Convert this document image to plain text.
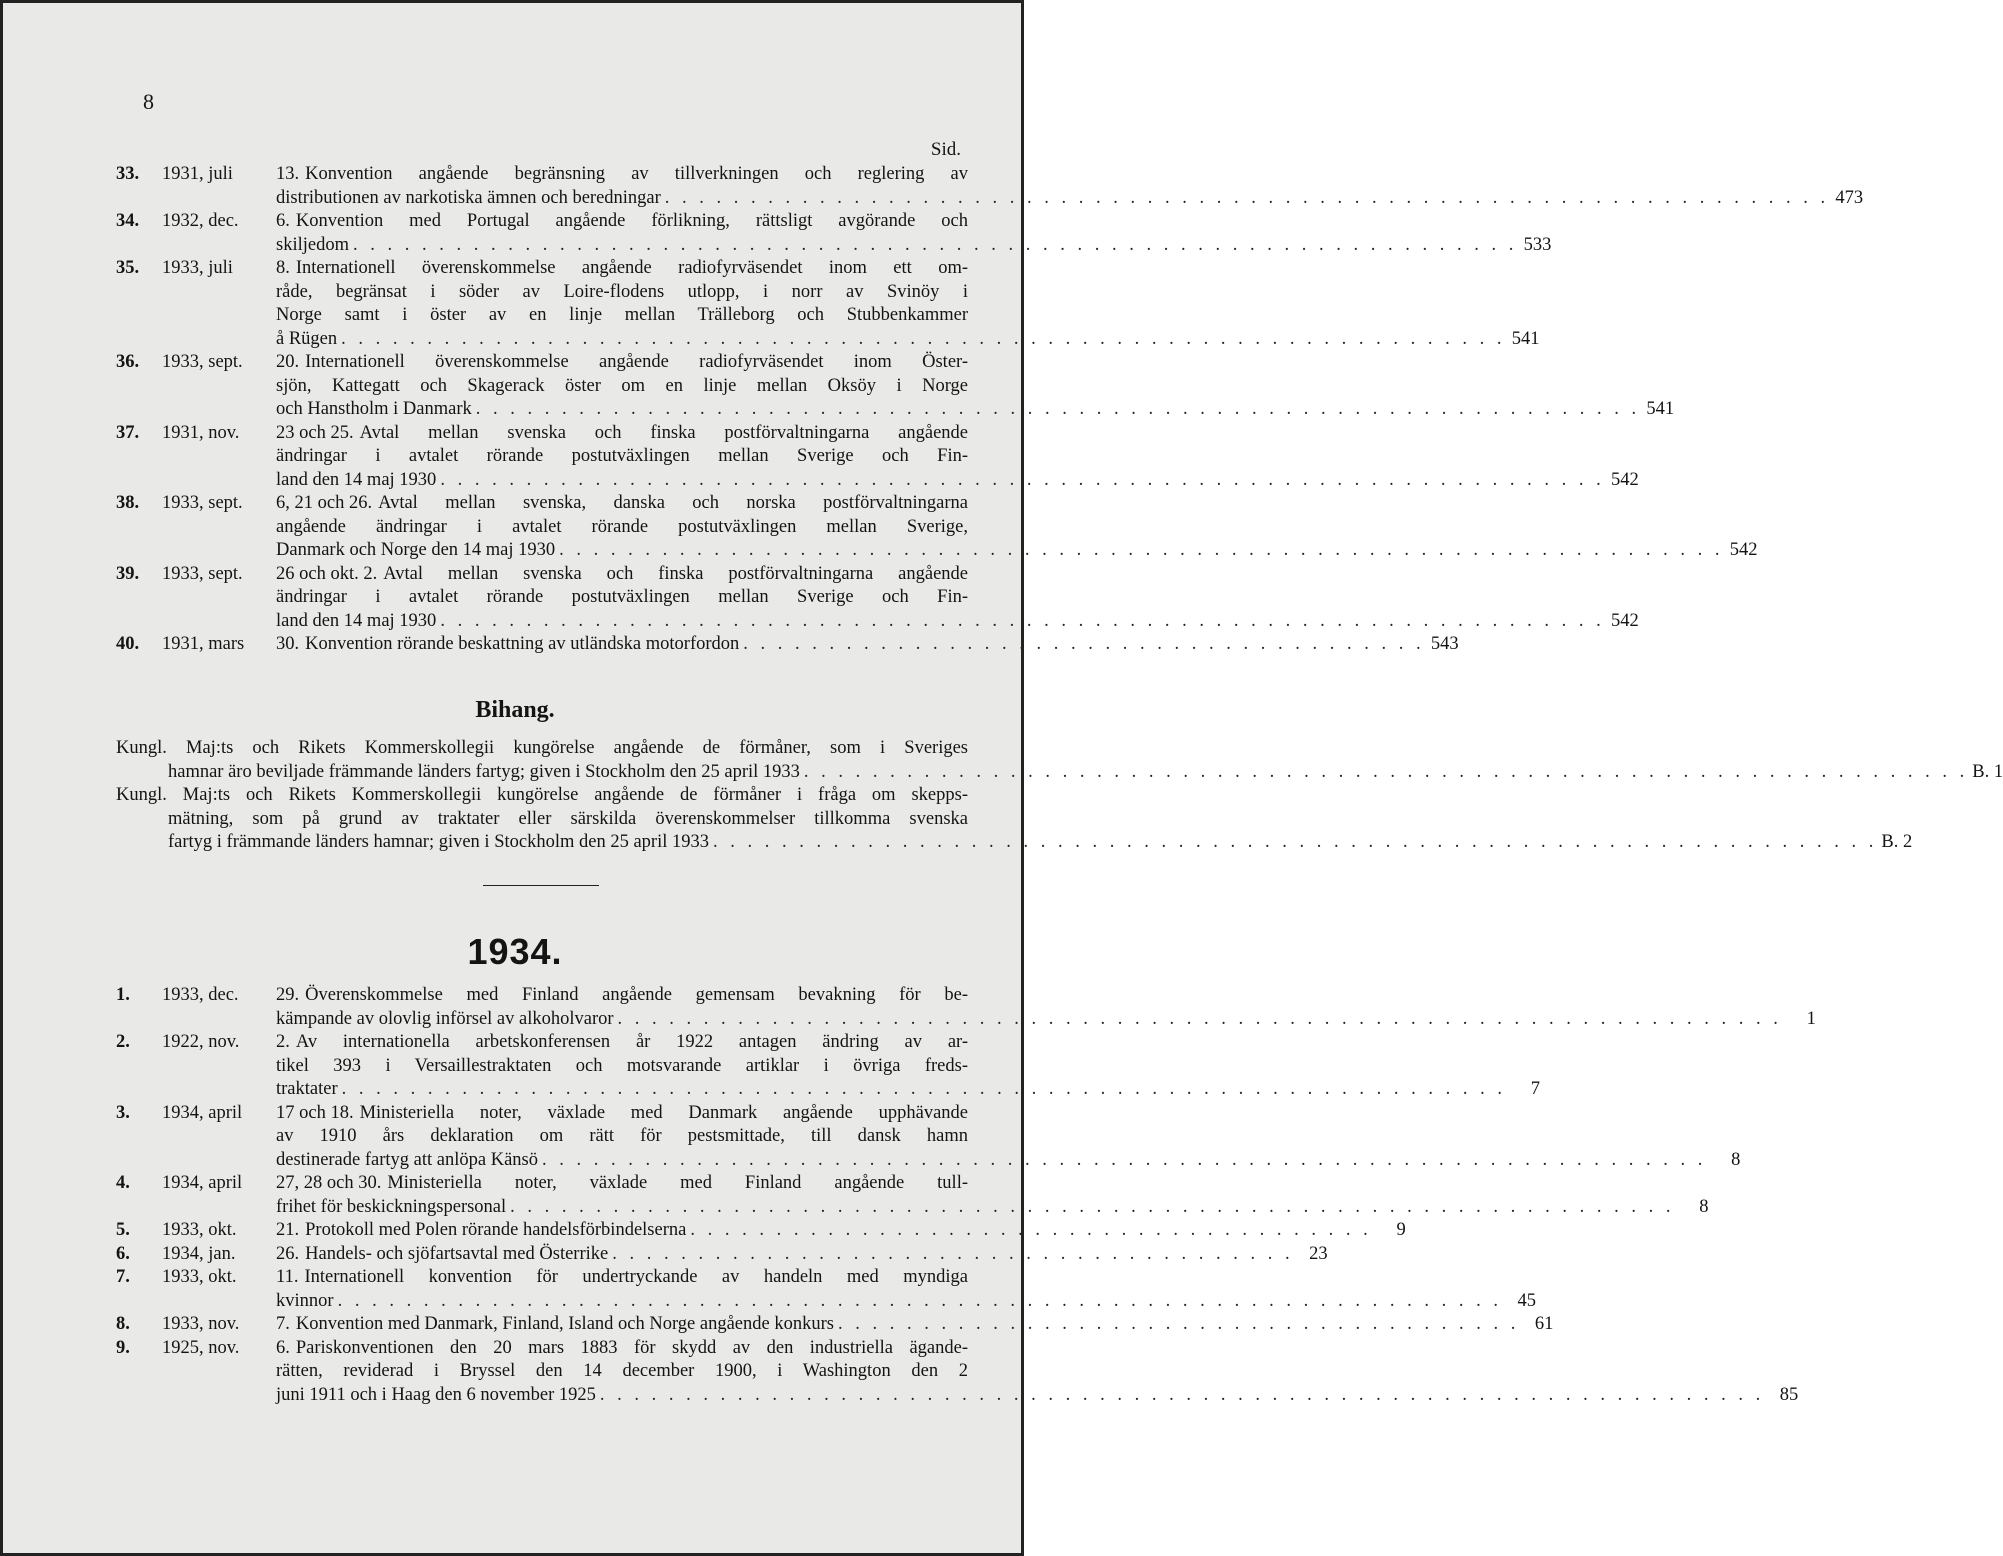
8
Sid.
33.	1931, juli	13. Konvention angående begränsning av tillverkningen och reglering av
distributionen av narkotiska ämnen och beredningar . . . . . . . . . . . . . . . . . . . . . . . . . . . . . . . . . . . . . . . . . . . . . . . . . . . . . . . . . . . . . . . . . . . . 473
34.	1932, dec.	6. Konvention med Portugal angående förlikning, rättsligt avgörande och
skiljedom . . . . . . . . . . . . . . . . . . . . . . . . . . . . . . . . . . . . . . . . . . . . . . . . . . . . . . . . . . . . . . . . . . . . 533
35.	1933, juli	8. Internationell överenskommelse angående radiofyrväsendet inom ett om-
råde, begränsat i söder av Loire-flodens utlopp, i norr av Svinöy i
Norge samt i öster av en linje mellan Trälleborg och Stubbenkammer
å Rügen . . . . . . . . . . . . . . . . . . . . . . . . . . . . . . . . . . . . . . . . . . . . . . . . . . . . . . . . . . . . . . . . . . . . 541
36.	1933, sept.	20. Internationell överenskommelse angående radiofyrväsendet inom Öster-
sjön, Kattegatt och Skagerack öster om en linje mellan Oksöy i Norge
och Hanstholm i Danmark . . . . . . . . . . . . . . . . . . . . . . . . . . . . . . . . . . . . . . . . . . . . . . . . . . . . . . . . . . . . . . . . . . . . 541
37.	1931, nov.	23 och 25. Avtal mellan svenska och finska postförvaltningarna angående
ändringar i avtalet rörande postutväxlingen mellan Sverige och Fin-
land den 14 maj 1930 . . . . . . . . . . . . . . . . . . . . . . . . . . . . . . . . . . . . . . . . . . . . . . . . . . . . . . . . . . . . . . . . . . . . 542
38.	1933, sept.	6, 21 och 26. Avtal mellan svenska, danska och norska postförvaltningarna
angående ändringar i avtalet rörande postutväxlingen mellan Sverige,
Danmark och Norge den 14 maj 1930 . . . . . . . . . . . . . . . . . . . . . . . . . . . . . . . . . . . . . . . . . . . . . . . . . . . . . . . . . . . . . . . . . . . . 542
39.	1933, sept.	26 och okt. 2. Avtal mellan svenska och finska postförvaltningarna angående
ändringar i avtalet rörande postutväxlingen mellan Sverige och Fin-
land den 14 maj 1930 . . . . . . . . . . . . . . . . . . . . . . . . . . . . . . . . . . . . . . . . . . . . . . . . . . . . . . . . . . . . . . . . . . . . 542
40.	1931, mars	30. Konvention rörande beskattning av utländska motorfordon . . . . . . . . . . . . . . . . . . . . . . . . . . . . . . . . . . . . . . . . 543
Bihang.
Kungl. Maj:ts och Rikets Kommerskollegii kungörelse angående de förmåner, som i Sveriges
hamnar äro beviljade främmande länders fartyg; given i Stockholm den 25 april 1933 . . . . . . . . . . . . . . . . . . . . . . . . . . . . . . . . . . . . . . . . . . . . . . . . . . . . . . . . . . . . . . . . . . . . B. 1
Kungl. Maj:ts och Rikets Kommerskollegii kungörelse angående de förmåner i fråga om skepps-
mätning, som på grund av traktater eller särskilda överenskommelser tillkomma svenska
fartyg i främmande länders hamnar; given i Stockholm den 25 april 1933 . . . . . . . . . . . . . . . . . . . . . . . . . . . . . . . . . . . . . . . . . . . . . . . . . . . . . . . . . . . . . . . . . . . . B. 2
1934.
1.	1933, dec.	29. Överenskommelse med Finland angående gemensam bevakning för be-
kämpande av olovlig införsel av alkoholvaror . . . . . . . . . . . . . . . . . . . . . . . . . . . . . . . . . . . . . . . . . . . . . . . . . . . . . . . . . . . . . . . . . . . .	1
2.	1922, nov.	2. Av internationella arbetskonferensen år 1922 antagen ändring av ar-
tikel 393 i Versaillestraktaten och motsvarande artiklar i övriga freds-
traktater . . . . . . . . . . . . . . . . . . . . . . . . . . . . . . . . . . . . . . . . . . . . . . . . . . . . . . . . . . . . . . . . . . . .	7
3.	1934, april	17 och 18. Ministeriella noter, växlade med Danmark angående upphävande
av 1910 års deklaration om rätt för pestsmittade, till dansk hamn
destinerade fartyg att anlöpa Känsö . . . . . . . . . . . . . . . . . . . . . . . . . . . . . . . . . . . . . . . . . . . . . . . . . . . . . . . . . . . . . . . . . . . .	8
4.	1934, april	27, 28 och 30. Ministeriella noter, växlade med Finland angående tull-
frihet för beskickningspersonal . . . . . . . . . . . . . . . . . . . . . . . . . . . . . . . . . . . . . . . . . . . . . . . . . . . . . . . . . . . . . . . . . . . .	8
5.	1933, okt.	21. Protokoll med Polen rörande handelsförbindelserna . . . . . . . . . . . . . . . . . . . . . . . . . . . . . . . . . . . . . . . .	9
6.	1934, jan.	26. Handels- och sjöfartsavtal med Österrike . . . . . . . . . . . . . . . . . . . . . . . . . . . . . . . . . . . . . . . . 23
7.	1933, okt.	11. Internationell konvention för undertryckande av handeln med myndiga
kvinnor . . . . . . . . . . . . . . . . . . . . . . . . . . . . . . . . . . . . . . . . . . . . . . . . . . . . . . . . . . . . . . . . . . . . 45
8.	1933, nov.	7. Konvention med Danmark, Finland, Island och Norge angående konkurs . . . . . . . . . . . . . . . . . . . . . . . . . . . . . . . . . . . . . . . . 61
9.	1925, nov.	6. Pariskonventionen den 20 mars 1883 för skydd av den industriella ägande-
rätten, reviderad i Bryssel den 14 december 1900, i Washington den 2
juni 1911 och i Haag den 6 november 1925 . . . . . . . . . . . . . . . . . . . . . . . . . . . . . . . . . . . . . . . . . . . . . . . . . . . . . . . . . . . . . . . . . . . . 85
